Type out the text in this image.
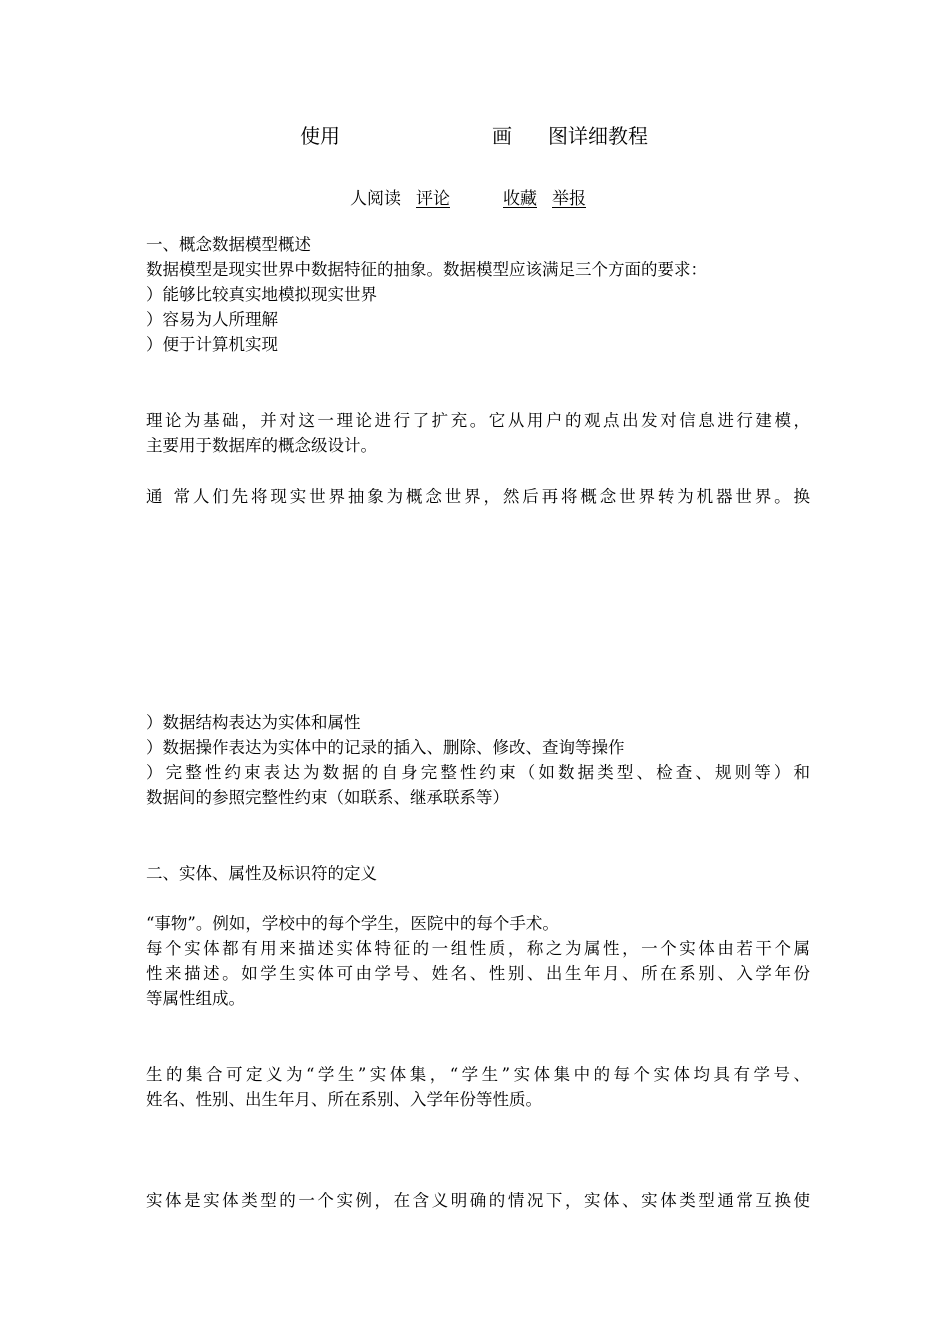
使用	画 图详细教程
人阅读 评论	收藏 举报
一、概念数据模型概述
数据模型是现实世界中数据特征的抽象。数据模型应该满足三个方面的要求：
）能够比较真实地模拟现实世界
）容易为人所理解
）便于计算机实现
理论为基础，并对这一理论进行了扩充。它从用户的观点出发对信息进行建模，
主要用于数据库的概念级设计。
通 常人们先将现实世界抽象为概念世界，然后再将概念世界转为机器世界。换
）数据结构表达为实体和属性
）数据操作表达为实体中的记录的插入、删除、修改、查询等操作
）完整性约束表达为数据的自身完整性约束（如数据类型、检查、规则等）和
数据间的参照完整性约束（如联系、继承联系等）
二、实体、属性及标识符的定义
“事物”。例如，学校中的每个学生，医院中的每个手术。
每个实体都有用来描述实体特征的一组性质，称之为属性，一个实体由若干个属
性来描述。如学生实体可由学号、姓名、性别、出生年月、所在系别、入学年份
等属性组成。
生的集合可定义为“学生”实体集，“学生”实体集中的每个实体均具有学号、
姓名、性别、出生年月、所在系别、入学年份等性质。
实体是实体类型的一个实例，在含义明确的情况下，实体、实体类型通常互换使
